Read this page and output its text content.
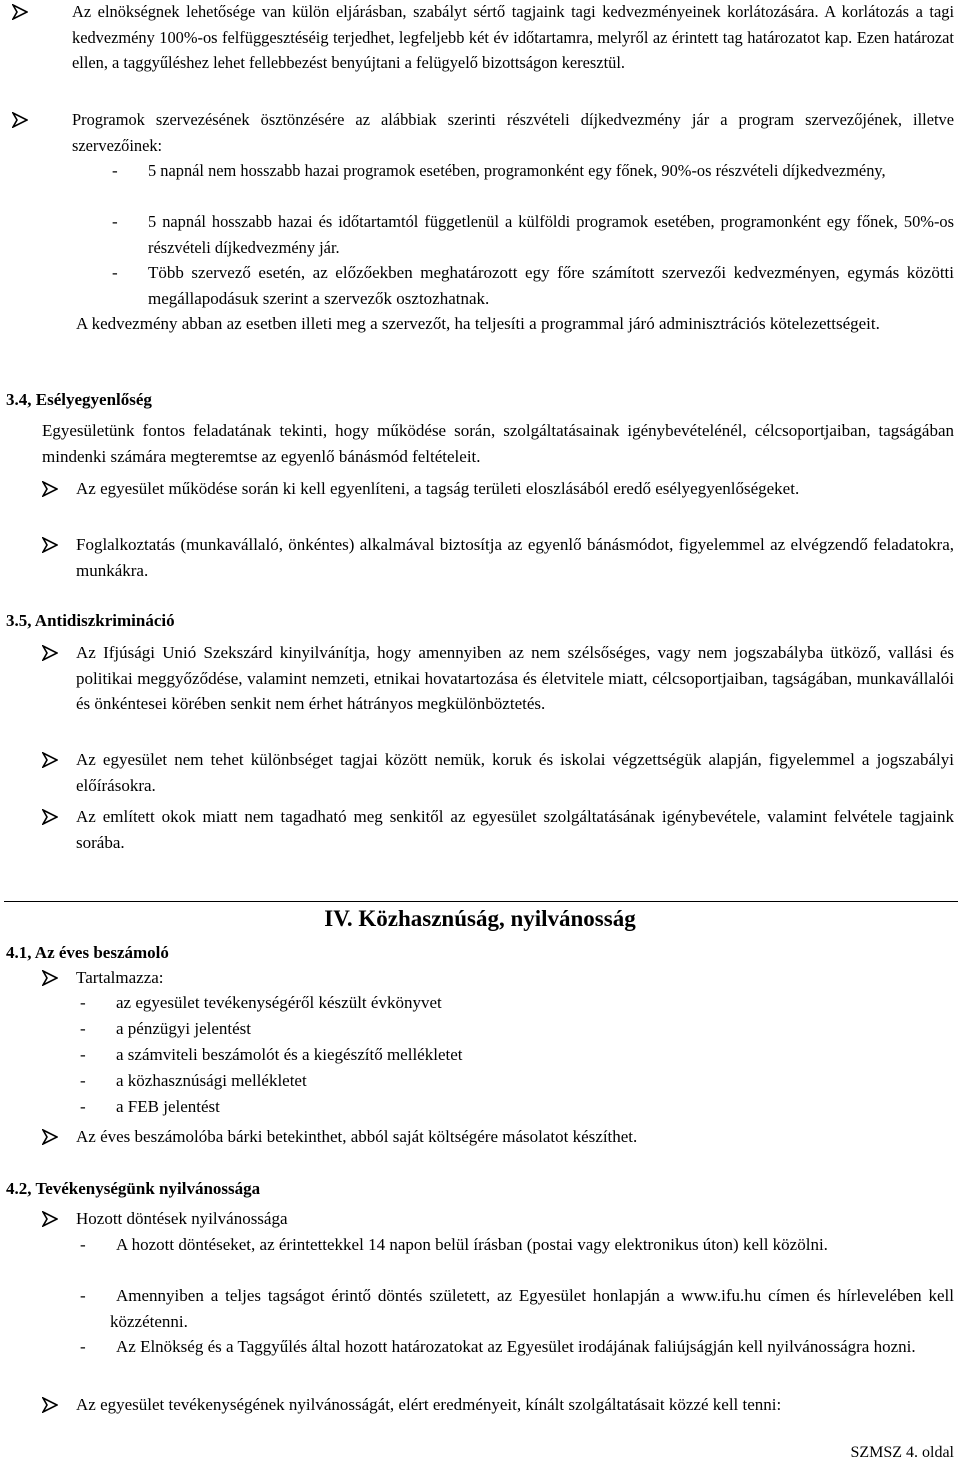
Az elnökségnek lehetősége van külön eljárásban, szabályt sértő tagjaink tagi kedvezményeinek korlátozására. A korlátozás a tagi kedvezmény 100%-os felfüggesztéséig terjedhet, legfeljebb két év időtartamra, melyről az érintett tag határozatot kap. Ezen határozat ellen, a taggyűléshez lehet fellebbezést benyújtani a felügyelő bizottságon keresztül.
Programok szervezésének ösztönzésére az alábbiak szerinti részvételi díjkedvezmény jár a program szervezőjének, illetve szervezőinek:
- 5 napnál nem hosszabb hazai programok esetében, programonként egy főnek, 90%-os részvételi díjkedvezmény,
- 5 napnál hosszabb hazai és időtartamtól függetlenül a külföldi programok esetében, programonként egy főnek, 50%-os részvételi díjkedvezmény jár.
- Több szervező esetén, az előzőekben meghatározott egy főre számított szervezői kedvezményen, egymás közötti megállapodásuk szerint a szervezők osztozhatnak.
A kedvezmény abban az esetben illeti meg a szervezőt, ha teljesíti a programmal járó adminisztrációs kötelezettségeit.
3.4, Esélyegyenlőség
Egyesületünk fontos feladatának tekinti, hogy működése során, szolgáltatásainak igénybevételénél, célcsoportjaiban, tagságában mindenki számára megteremtse az egyenlő bánásmód feltételeit.
Az egyesület működése során ki kell egyenlíteni, a tagság területi eloszlásából eredő esélyegyenlőségeket.
Foglalkoztatás (munkavállaló, önkéntes) alkalmával biztosítja az egyenlő bánásmódot, figyelemmel az elvégzendő feladatokra, munkákra.
3.5, Antidiszkrimináció
Az Ifjúsági Unió Szekszárd kinyilvánítja, hogy amennyiben az nem szélsőséges, vagy nem jogszabályba ütköző, vallási és politikai meggyőződése, valamint nemzeti, etnikai hovatartozása és életvitele miatt, célcsoportjaiban, tagságában, munkavállalói és önkéntesei körében senkit nem érhet hátrányos megkülönböztetés.
Az egyesület nem tehet különbséget tagjai között nemük, koruk és iskolai végzettségük alapján, figyelemmel a jogszabályi előírásokra.
Az említett okok miatt nem tagadható meg senkitől az egyesület szolgáltatásának igénybevétele, valamint felvétele tagjaink sorába.
IV. Közhasznúság, nyilvánosság
4.1, Az éves beszámoló
Tartalmazza:
- az egyesület tevékenységéről készült évkönyvet
- a pénzügyi jelentést
- a számviteli beszámolót és a kiegészítő mellékletet
- a közhasznúsági mellékletet
- a FEB jelentést
Az éves beszámolóba bárki betekinthet, abból saját költségére másolatot készíthet.
4.2, Tevékenységünk nyilvánossága
Hozott döntések nyilvánossága
-	A hozott döntéseket, az érintettekkel 14 napon belül írásban (postai vagy elektronikus úton) kell közölni.
-	Amennyiben a teljes tagságot érintő döntés született, az Egyesület honlapján a www.ifu.hu címen és hírlevelében kell közzétenni.
-	Az Elnökség és a Taggyűlés által hozott határozatokat az Egyesület irodájának faliújságján kell nyilvánosságra hozni.
Az egyesület tevékenységének nyilvánosságát, elért eredményeit, kínált szolgáltatásait közzé kell tenni:
SZMSZ 4. oldal
